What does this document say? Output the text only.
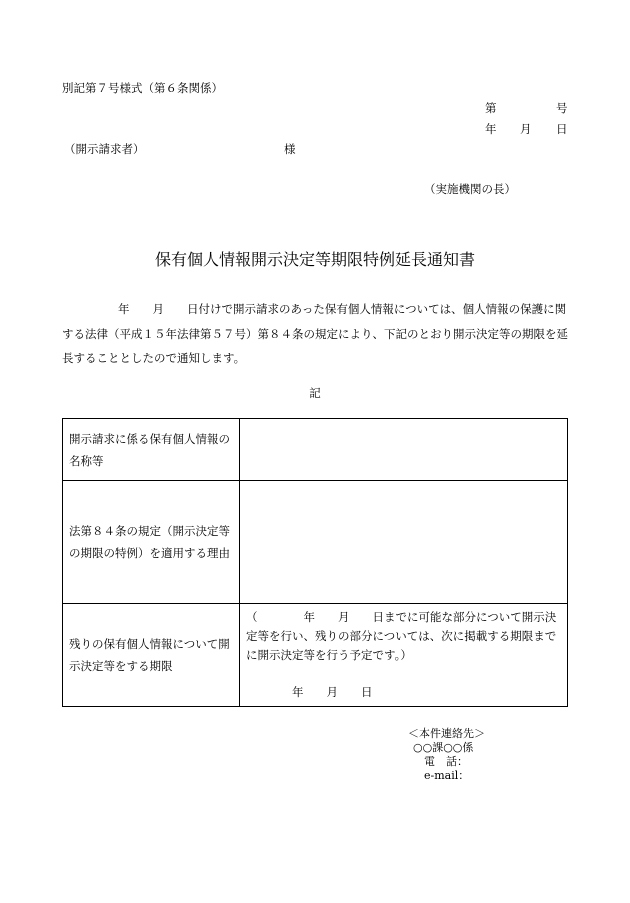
別記第７号様式（第６条関係）
第	号
年 月 日
（開示請求者）	様
（実施機関の長）
保有個人情報開示決定等期限特例延長通知書
年　　月　　日付けで開示請求のあった保有個人情報については、個人情報の保護に関する法律（平成１５年法律第５７号）第８４条の規定により、下記のとおり開示決定等の期限を延長することとしたので通知します。
記
開示請求に係る保有個人情報の名称等	
法第８４条の規定（開示決定等の期限の特例）を適用する理由	
残りの保有個人情報について開示決定等をする期限	（　　　　年　　月　　日までに可能な部分について開示決定等を行い、残りの部分については、次に掲載する期限までに開示決定等を行う予定です。）
年　　月　　日
＜本件連絡先＞
○○課○○係
電　話：
e-mail：
